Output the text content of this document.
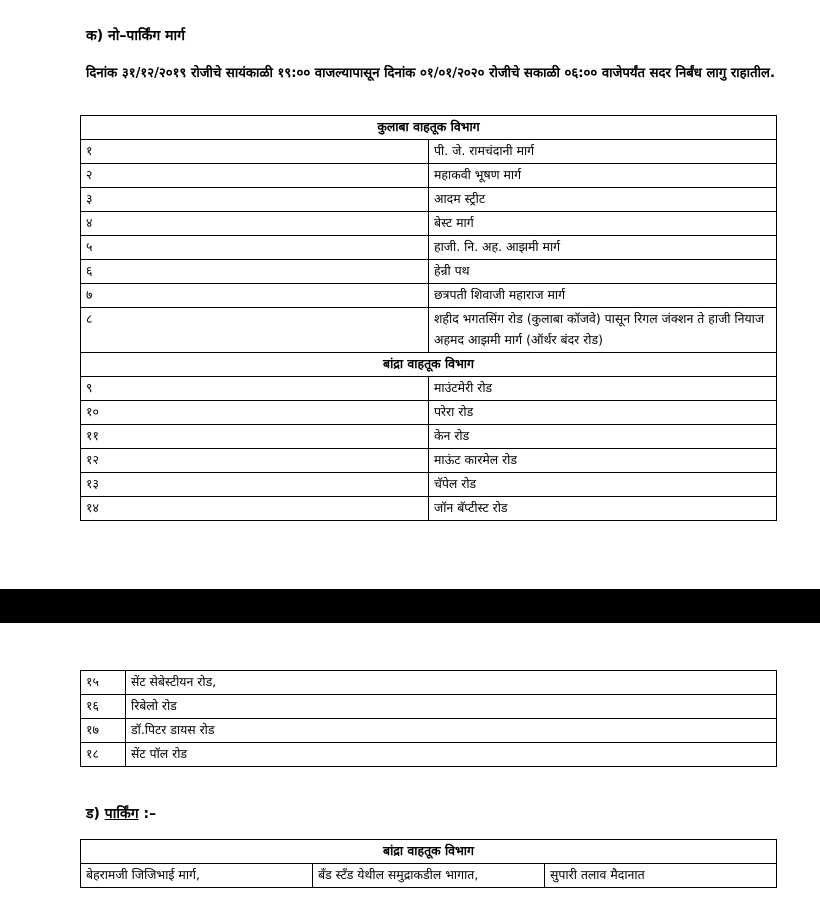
क) नो–पार्किंग मार्ग

दिनांक ३१/१२/२०१९ रोजीचे सायंकाळी १९:०० वाजल्यापासून दिनांक ०१/०१/२०२० रोजीचे सकाळी ०६:०० वाजेपर्यंत सदर निर्बंध लागु राहातील.

कुलाबा वाहतूक विभाग	
१	पी. जे. रामचंदानी मार्ग
२	महाकवी भूषण मार्ग
३	आदम स्ट्रीट
४	बेस्ट मार्ग
५	हाजी. नि. अह. आझमी मार्ग
६	हेन्री पथ
७	छत्रपती शिवाजी महाराज मार्ग
८	शहीद भगतसिंग रोड (कुलाबा कॉजवे) पासून रिगल जंक्शन ते हाजी नियाज अहमद आझमी मार्ग (ऑर्थर बंदर रोड)
बांद्रा वाहतूक विभाग	
९	माउंटमेरी रोड
१०	परेरा रोड
११	केन रोड
१२	माऊंट कारमेल रोड
१३	चॅपेल रोड
१४	जॉन बॅप्टीस्ट रोड
१५	सेंट सेबेस्टीयन रोड,
१६	रिबेलो रोड
१७	डॉ.पिटर डायस रोड
१८	सेंट पॉल रोड

ड) पार्किंग :–

बांद्रा वाहतूक विभाग
बेहरामजी जिजिभाई मार्ग,	बॅंड स्टॅंड येथील समुद्राकडील भागात,	सुपारी तलाव मैदानात
